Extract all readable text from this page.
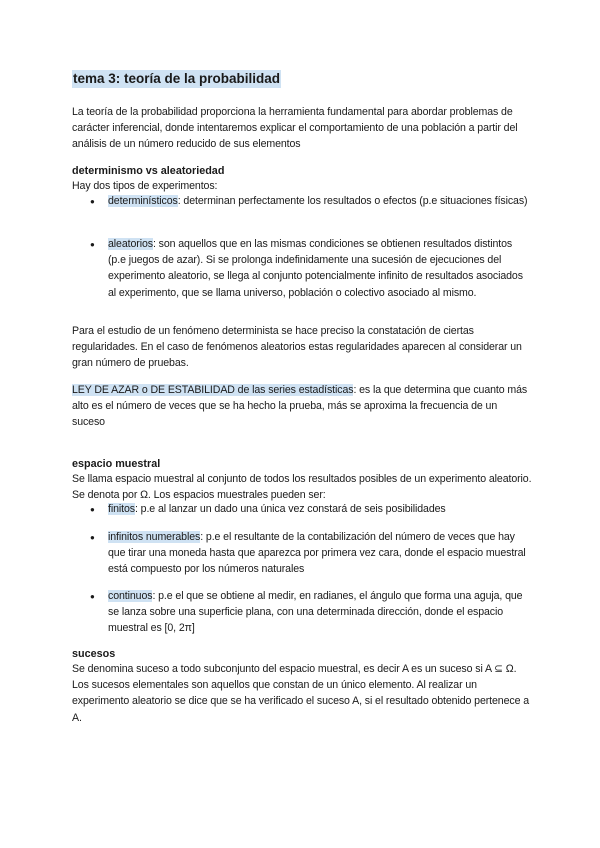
tema 3: teoría de la probabilidad

La teoría de la probabilidad proporciona la herramienta fundamental para abordar problemas de carácter inferencial, donde intentaremos explicar el comportamiento de una población a partir del análisis de un número reducido de sus elementos

determinismo vs aleatoriedad

Hay dos tipos de experimentos:

● determinísticos: determinan perfectamente los resultados o efectos (p.e situaciones físicas)

● aleatorios: son aquellos que en las mismas condiciones se obtienen resultados distintos (p.e juegos de azar). Si se prolonga indefinidamente una sucesión de ejecuciones del experimento aleatorio, se llega al conjunto potencialmente infinito de resultados asociados al experimento, que se llama universo, población o colectivo asociado al mismo.

Para el estudio de un fenómeno determinista se hace preciso la constatación de ciertas regularidades. En el caso de fenómenos aleatorios estas regularidades aparecen al considerar un gran número de pruebas.

LEY DE AZAR o DE ESTABILIDAD de las series estadísticas: es la que determina que cuanto más alto es el número de veces que se ha hecho la prueba, más se aproxima la frecuencia de un suceso

espacio muestral

Se llama espacio muestral al conjunto de todos los resultados posibles de un experimento aleatorio. Se denota por Ω. Los espacios muestrales pueden ser:

● finitos: p.e al lanzar un dado una única vez constará de seis posibilidades

● infinitos numerables: p.e el resultante de la contabilización del número de veces que hay que tirar una moneda hasta que aparezca por primera vez cara, donde el espacio muestral está compuesto por los números naturales

● continuos: p.e el que se obtiene al medir, en radianes, el ángulo que forma una aguja, que se lanza sobre una superficie plana, con una determinada dirección, donde el espacio muestral es [0, 2π]

sucesos

Se denomina suceso a todo subconjunto del espacio muestral, es decir A es un suceso si A ⊆ Ω. Los sucesos elementales son aquellos que constan de un único elemento. Al realizar un experimento aleatorio se dice que se ha verificado el suceso A, si el resultado obtenido pertenece a A.
